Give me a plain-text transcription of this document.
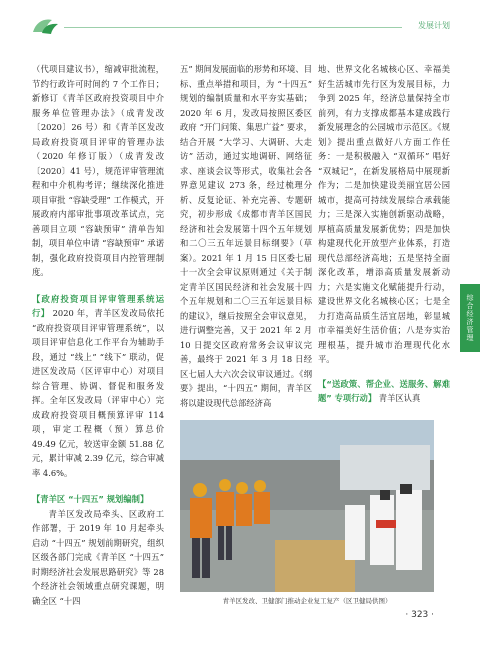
发展计划

（代项目建议书），缩减审批流程，节约行政许可时间约 7 个工作日；新修订《青羊区政府投资项目中介服务单位管理办法》（成青发改〔2020〕26 号）和《青羊区发改局政府投资项目评审的管理办法（2020 年修订版）（成青发改〔2020〕41 号），规范评审管理流程和中介机构考评；继续深化推进项目审批 “容缺受理” 工作模式，开展政府内部审批事项改革试点，完善项目立项 “容缺预审” 清单告知制，项目单位申请 “容缺预审” 承诺制，强化政府投资项目内控管理制度。

【政府投资项目评审管理系统运行】 2020 年，青羊区发改局依托 “政府投资项目评审管理系统”，以项目评审信息化工作平台为辅助手段，通过 “线上” “线下” 联动，促进区发改局（区评审中心）对项目综合管理、协调、督促和服务发挥。全年区发改局（评审中心）完成政府投资项目概预算评审 114 项，审定工程概（预）算总价 49.49 亿元，较送审金额 51.88 亿元，累计审减 2.39 亿元，综合审减率 4.6%。

【青羊区 “十四五” 规划编制】

青羊区发改局牵头、区政府工作部署，于 2019 年 10 月起牵头启动 “十四五” 规划前期研究，组织区级各部门完成《青羊区 “十四五” 时期经济社会发展思路研究》等 28 个经济社会领域重点研究课题，明确全区 “十四

五” 期间发展面临的形势和环境、目标、重点举措和项目，为 “十四五” 规划的编制质量和水平夯实基础；2020 年 6 月，发改局按照区委区政府 “开门问策、集思广益” 要求，结合开展 “大学习、大调研、大走访” 活动，通过实地调研、网络征求、座谈会议等形式，收集社会各界意见建议 273 条，经过梳理分析、反复论证、补充完善、专题研究，初步形成《成都市青羊区国民经济和社会发展第十四个五年规划和二〇三五年远景目标纲要》（草案）。2021 年 1 月 15 日区委七届十一次全会审议原则通过《关于制定青羊区国民经济和社会发展十四个五年规划和二〇三五年远景目标的建议》，继后按照全会审议意见，进行调整完善，又于 2021 年 2 月 10 日提交区政府常务会议审议完善，最终于 2021 年 3 月 18 日经区七届人大六次会议审议通过。《纲要》提出，“十四五” 期间，青羊区将以建设现代总部经济高

地、世界文化名城核心区、幸福美好生活城市先行区为发展目标，力争到 2025 年，经济总量保持全市前列，有力支撑成都基本建成践行新发展理念的公园城市示范区。《规划》提出重点做好八方面工作任务：一是积极融入 “双循环” 唱好 “双城记”，在新发展格局中展现新作为；二是加快建设美丽宜居公园城市，提高可持续发展综合承载能力；三是深入实施创新驱动战略，厚植高质量发展新优势；四是加快构建现代化开放型产业体系，打造现代总部经济高地；五是坚持全面深化改革，增添高质量发展新动力；六是实施文化赋能提升行动，建设世界文化名城核心区；七是全力打造高品质生活宜居地，彰显城市幸福美好生活价值；八是夯实治理根基，提升城市治理现代化水平。

【“送政策、帮企业、送服务、解难题” 专项行动】 青羊区认真

综合经济管理
青羊区发改、卫健部门推动企业复工复产（区卫健局供图）
· 323 ·
